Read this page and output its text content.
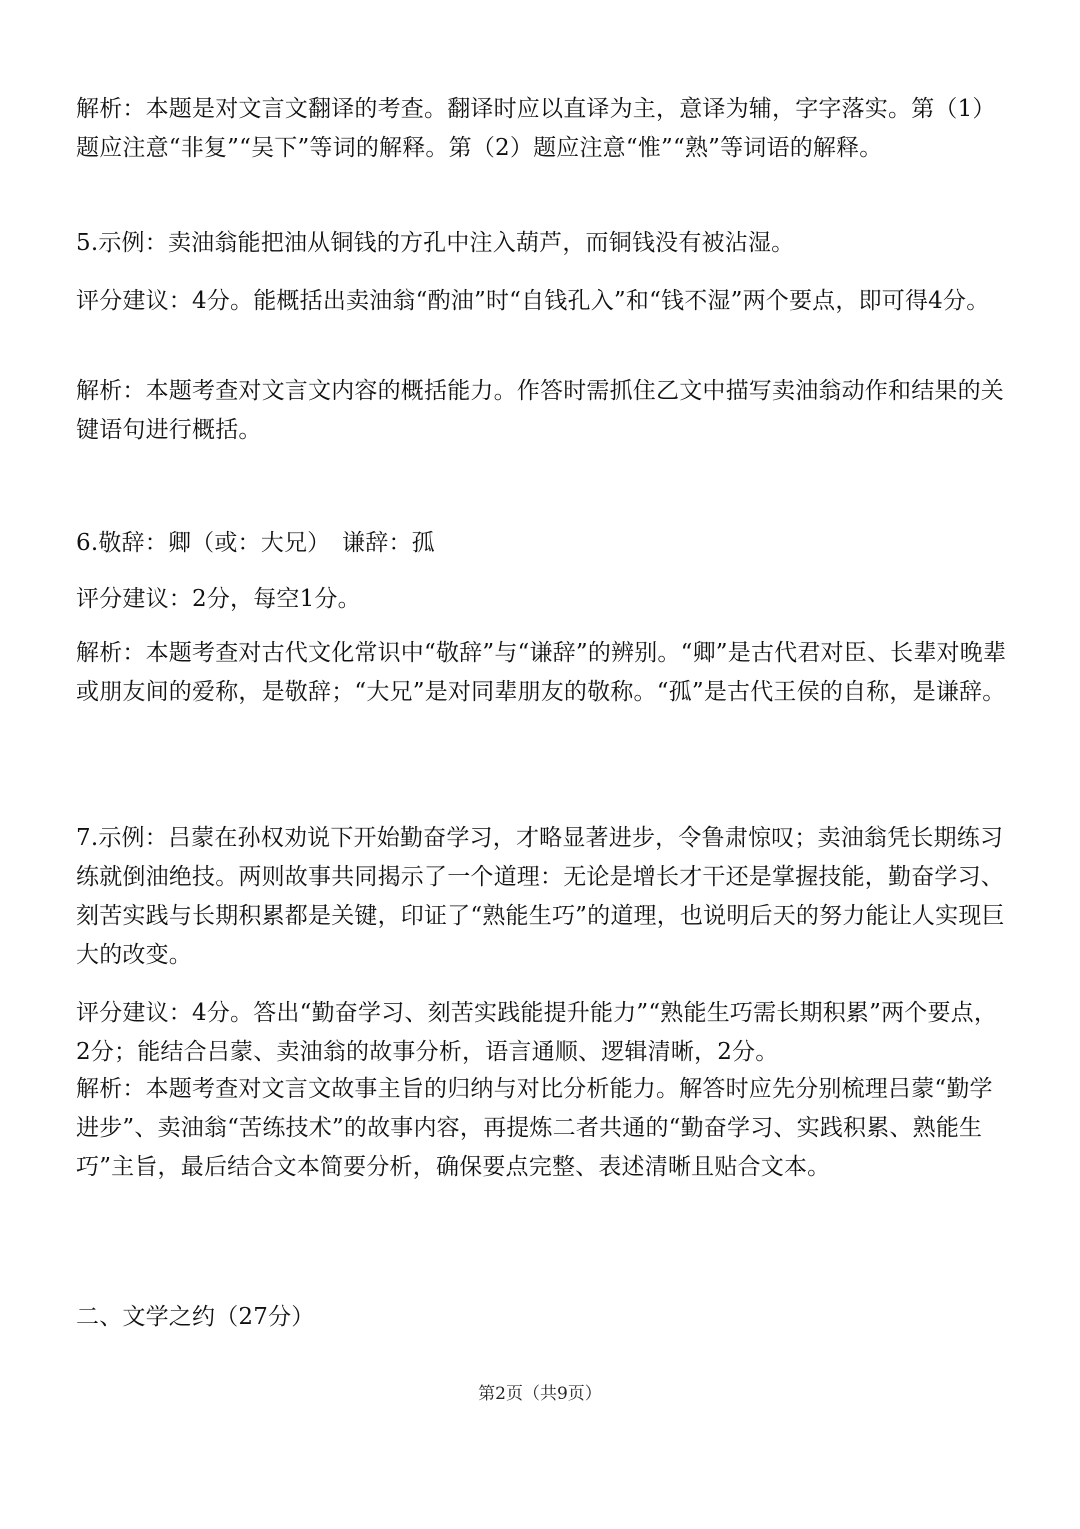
解析：本题是对文言文翻译的考查。翻译时应以直译为主，意译为辅，字字落实。第（1）题应注意“非复”“吴下”等词的解释。第（2）题应注意“惟”“熟”等词语的解释。

5.示例：卖油翁能把油从铜钱的方孔中注入葫芦，而铜钱没有被沾湿。

评分建议：4分。能概括出卖油翁“酌油”时“自钱孔入”和“钱不湿”两个要点，即可得4分。

解析：本题考查对文言文内容的概括能力。作答时需抓住乙文中描写卖油翁动作和结果的关键语句进行概括。

6.敬辞：卿（或：大兄）　谦辞：孤

评分建议：2分，每空1分。

解析：本题考查对古代文化常识中“敬辞”与“谦辞”的辨别。“卿”是古代君对臣、长辈对晚辈或朋友间的爱称，是敬辞；“大兄”是对同辈朋友的敬称。“孤”是古代王侯的自称，是谦辞。

7.示例：吕蒙在孙权劝说下开始勤奋学习，才略显著进步，令鲁肃惊叹；卖油翁凭长期练习练就倒油绝技。两则故事共同揭示了一个道理：无论是增长才干还是掌握技能，勤奋学习、刻苦实践与长期积累都是关键，印证了“熟能生巧”的道理，也说明后天的努力能让人实现巨大的改变。

评分建议：4分。答出“勤奋学习、刻苦实践能提升能力”“熟能生巧需长期积累”两个要点，2分；能结合吕蒙、卖油翁的故事分析，语言通顺、逻辑清晰，2分。

解析：本题考查对文言文故事主旨的归纳与对比分析能力。解答时应先分别梳理吕蒙“勤学进步”、卖油翁“苦练技术”的故事内容，再提炼二者共通的“勤奋学习、实践积累、熟能生巧”主旨，最后结合文本简要分析，确保要点完整、表述清晰且贴合文本。

二、文学之约（27分）

第2页（共9页）
